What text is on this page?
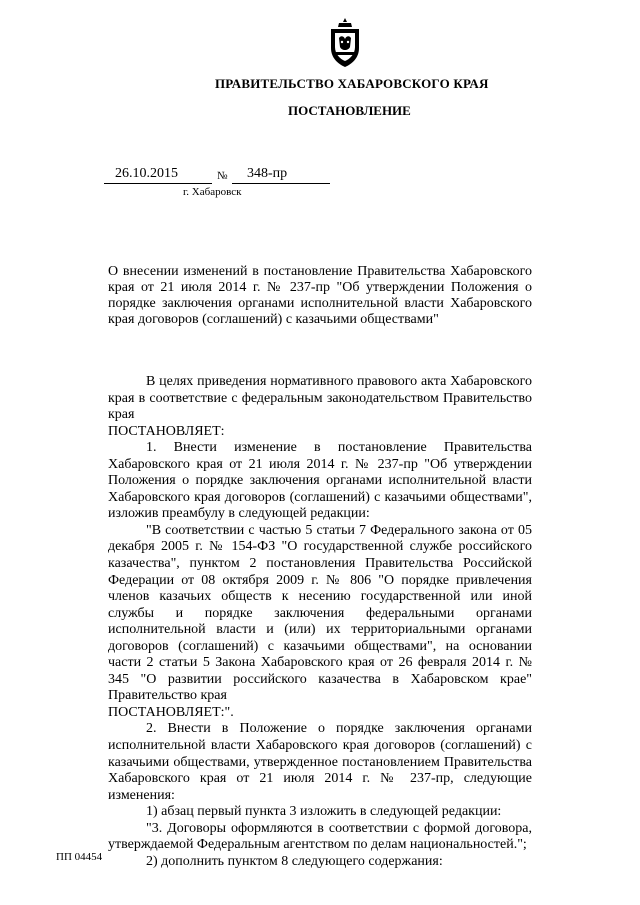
ПРАВИТЕЛЬСТВО ХАБАРОВСКОГО КРАЯ
ПОСТАНОВЛЕНИЕ
26.10.2015	№ 348-пр
г. Хабаровск
О внесении изменений в постановление Правительства Хабаровского края от 21 июля 2014 г. № 237-пр "Об утверждении Положения о порядке заключения органами исполнительной власти Хабаровского края договоров (соглашений) с казачьими обществами"

В целях приведения нормативного правового акта Хабаровского края в соответствие с федеральным законодательством Правительство края

ПОСТАНОВЛЯЕТ:

1. Внести изменение в постановление Правительства Хабаровского края от 21 июля 2014 г. № 237-пр "Об утверждении Положения о порядке заключения органами исполнительной власти Хабаровского края договоров (соглашений) с казачьими обществами", изложив преамбулу в следующей редакции:

"В соответствии с частью 5 статьи 7 Федерального закона от 05 декабря 2005 г. № 154-ФЗ "О государственной службе российского казачества", пунктом 2 постановления Правительства Российской Федерации от 08 октября 2009 г. № 806 "О порядке привлечения членов казачьих обществ к несению государственной или иной службы и порядке заключения федеральными органами исполнительной власти и (или) их территориальными органами договоров (соглашений) с казачьими обществами", на основании части 2 статьи 5 Закона Хабаровского края от 26 февраля 2014 г. № 345 "О развитии российского казачества в Хабаровском крае" Правительство края

ПОСТАНОВЛЯЕТ:".

2. Внести в Положение о порядке заключения органами исполнительной власти Хабаровского края договоров (соглашений) с казачьими обществами, утвержденное постановлением Правительства Хабаровского края от 21 июля 2014 г. № 237-пр, следующие изменения:

1) абзац первый пункта 3 изложить в следующей редакции:

"3. Договоры оформляются в соответствии с формой договора, утверждаемой Федеральным агентством по делам национальностей.";

2) дополнить пунктом 8 следующего содержания:

ПП 04454
